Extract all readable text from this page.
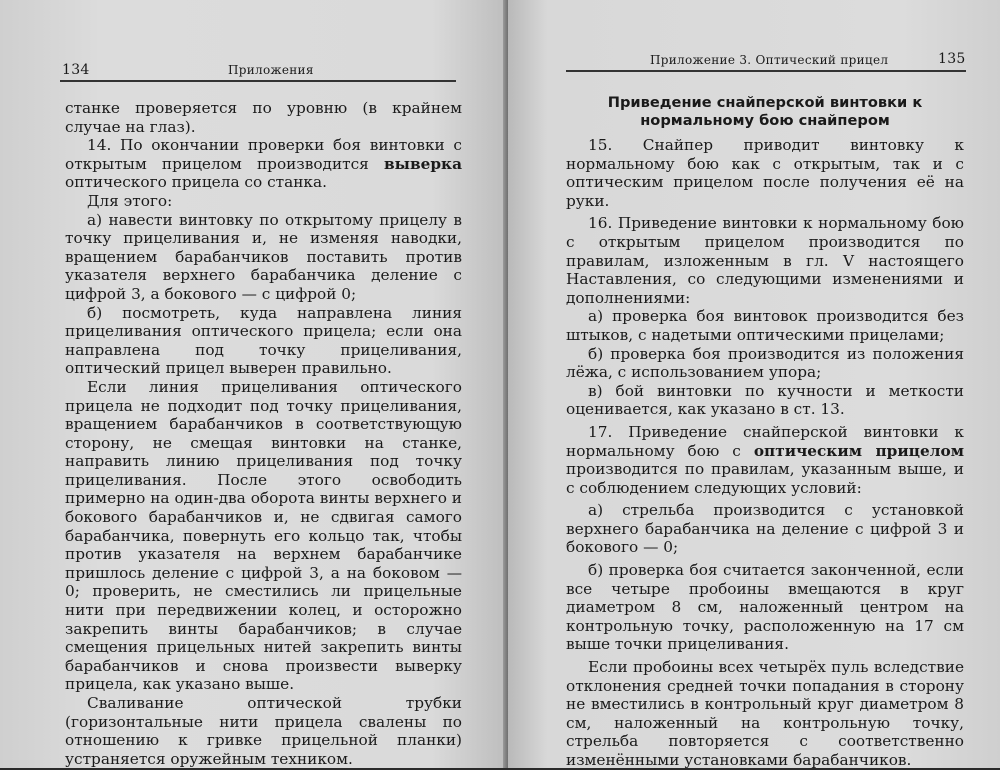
134	Приложения

станке проверяется по уровню (в крайнем случае на глаз).

14. По окончании проверки боя винтовки с открытым прицелом производится выверка оптического прицела со станка.

Для этого:

а) навести винтовку по открытому прицелу в точку прицеливания и, не изменяя наводки, вращением барабанчиков поставить против указателя верхнего барабанчика деление с цифрой 3, а бокового — с цифрой 0;

б) посмотреть, куда направлена линия прицеливания оптического прицела; если она направлена под точку прицеливания, оптический прицел выверен правильно.

Если линия прицеливания оптического прицела не подходит под точку прицеливания, вращением барабанчиков в соответствующую сторону, не смещая винтовки на станке, направить линию прицеливания под точку прицеливания. После этого освободить примерно на один-два оборота винты верхнего и бокового барабанчиков и, не сдвигая самого барабанчика, повернуть его кольцо так, чтобы против указателя на верхнем барабанчике пришлось деление с цифрой 3, а на боковом — 0; проверить, не сместились ли прицельные нити при передвижении колец, и осторожно закрепить винты барабанчиков; в случае смещения прицельных нитей закрепить винты барабанчиков и снова произвести выверку прицела, как указано выше.

Сваливание оптической трубки (горизонтальные нити прицела свалены по отношению к гривке прицельной планки) устраняется оружейным техником.

Приложение 3. Оптический прицел	135

Приведение снайперской винтовки к нормальному бою снайпером

15. Снайпер приводит винтовку к нормальному бою как с открытым, так и с оптическим прицелом после получения её на руки.

16. Приведение винтовки к нормальному бою с открытым прицелом производится по правилам, изложенным в гл. V настоящего Наставления, со следующими изменениями и дополнениями:

а) проверка боя винтовок производится без штыков, с надетыми оптическими прицелами;

б) проверка боя производится из положения лёжа, с использованием упора;

в) бой винтовки по кучности и меткости оценивается, как указано в ст. 13.

17. Приведение снайперской винтовки к нормальному бою с оптическим прицелом производится по правилам, указанным выше, и с соблюдением следующих условий:

а) стрельба производится с установкой верхнего барабанчика на деление с цифрой 3 и бокового — 0;

б) проверка боя считается законченной, если все четыре пробоины вмещаются в круг диаметром 8 см, наложенный центром на контрольную точку, расположенную на 17 см выше точки прицеливания.

Если пробоины всех четырёх пуль вследствие отклонения средней точки попадания в сторону не вместились в контрольный круг диаметром 8 см, наложенный на контрольную точку, стрельба повторяется с соответственно изменёнными установками барабанчиков.
